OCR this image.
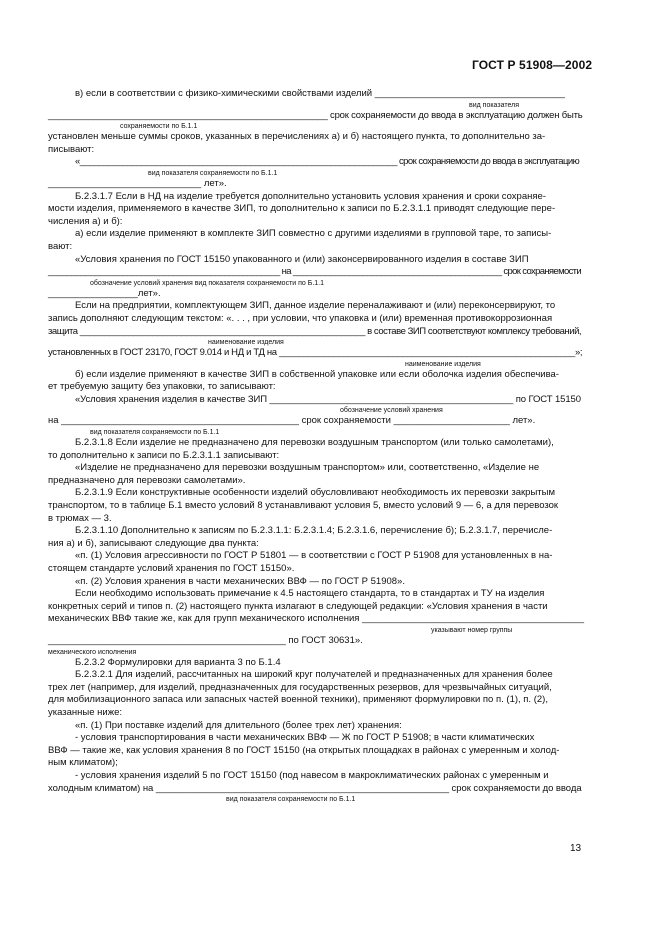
ГОСТ Р 51908—2002
в) если в соответствии с физико-химическими свойствами изделий ____________________________________
вид показателя
_______________________________________________________ срок сохраняемости до ввода в эксплуатацию должен быть
сохраняемости по Б.1.1
установлен меньше суммы сроков, указанных в перечислениях а) и б) настоящего пункта, то дополнительно за-
писывают:
«___________________________________________________________________ срок сохраняемости до ввода в эксплуатацию
вид показателя сохраняемости по Б.1.1
_____________________________ лет».
Б.2.3.1.7 Если в НД на изделие требуется дополнительно установить условия хранения и сроки сохраняе-
мости изделия, применяемого в качестве ЗИП, то дополнительно к записи по Б.2.3.1.1 приводят следующие пере-
числения а) и б):
а) если изделие применяют в комплекте ЗИП совместно с другими изделиями в групповой таре, то записы-
вают:
«Условия хранения по ГОСТ 15150 упакованного и (или) законсервированного изделия в составе ЗИП
__________________________________________________ на _____________________________________________ срок сохраняемости
обозначение условий хранения вид показателя сохраняемости по Б.1.1
_________________лет».
Если на предприятии, комплектующем ЗИП, данное изделие переналаживают и (или) переконсервируют, то
запись дополняют следующим текстом: «. . . , при условии, что упаковка и (или) временная противокоррозионная
защита ___________________________________________________________ в составе ЗИП соответствуют комплексу требований,
наименование изделия
установленных в ГОСТ 23170, ГОСТ 9.014 и НД и ТД на ____________________________________________________________»;
наименование изделия
б) если изделие применяют в качестве ЗИП в собственной упаковке или если оболочка изделия обеспечива-
ет требуемую защиту без упаковки, то записывают:
«Условия хранения изделия в качестве ЗИП _______________________________________________ по ГОСТ 15150
обозначение условий хранения
на _____________________________________________ срок сохраняемости ______________________ лет».
вид показателя сохраняемости по Б.1.1
Б.2.3.1.8 Если изделие не предназначено для перевозки воздушным транспортом (или только самолетами),
то дополнительно к записи по Б.2.3.1.1 записывают:
«Изделие не предназначено для перевозки воздушным транспортом» или, соответственно, «Изделие не
предназначено для перевозки самолетами».
Б.2.3.1.9 Если конструктивные особенности изделий обусловливают необходимость их перевозки закрытым
транспортом, то в таблице Б.1 вместо условий 8 устанавливают условия 5, вместо условий 9 — 6, а для перевозок
в трюмах — 3.
Б.2.3.1.10 Дополнительно к записям по Б.2.3.1.1: Б.2.3.1.4; Б.2.3.1.6, перечисление б); Б.2.3.1.7, перечисле-
ния а) и б), записывают следующие два пункта:
«п. (1) Условия агрессивности по ГОСТ Р 51801 — в соответствии с ГОСТ Р 51908 для установленных в на-
стоящем стандарте условий хранения по ГОСТ 15150».
«п. (2) Условия хранения в части механических ВВФ — по ГОСТ Р 51908».
Если необходимо использовать примечание к 4.5 настоящего стандарта, то в стандартах и ТУ на изделия
конкретных серий и типов п. (2) настоящего пункта излагают в следующей редакции: «Условия хранения в части
механических ВВФ такие же, как для групп механического исполнения __________________________________________
указывают номер группы
_____________________________________________ по ГОСТ 30631».
механического исполнения
Б.2.3.2 Формулировки для варианта 3 по Б.1.4
Б.2.3.2.1 Для изделий, рассчитанных на широкий круг получателей и предназначенных для хранения более
трех лет (например, для изделий, предназначенных для государственных резервов, для чрезвычайных ситуаций,
для мобилизационного запаса или запасных частей военной техники), применяют формулировки по п. (1), п. (2),
указанные ниже:
«п. (1) При поставке изделий для длительного (более трех лет) хранения:
- условия транспортирования в части механических ВВФ — Ж по ГОСТ Р 51908; в части климатических
ВВФ — такие же, как условия хранения 8 по ГОСТ 15150 (на открытых площадках в районах с умеренным и холод-
ным климатом);
- условия хранения изделий 5 по ГОСТ 15150 (под навесом в макроклиматических районах с умеренным и
холодным климатом) на ________________________________________________________ срок сохраняемости до ввода
вид показателя сохраняемости по Б.1.1
13
